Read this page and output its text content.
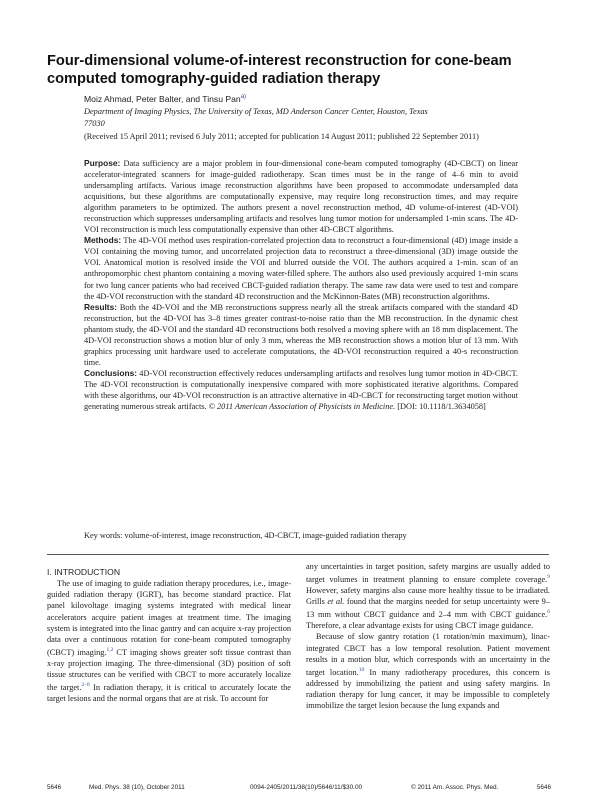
Four-dimensional volume-of-interest reconstruction for cone-beam computed tomography-guided radiation therapy
Moiz Ahmad, Peter Balter, and Tinsu Pan$^{a)}$
Department of Imaging Physics, The University of Texas, MD Anderson Cancer Center, Houston, Texas 77030
(Received 15 April 2011; revised 6 July 2011; accepted for publication 14 August 2011; published 22 September 2011)

Purpose: Data sufficiency are a major problem in four-dimensional cone-beam computed tomography (4D-CBCT) on linear accelerator-integrated scanners for image-guided radiotherapy. Scan times must be in the range of 4–6 min to avoid undersampling artifacts. Various image reconstruction algorithms have been proposed to accommodate undersampled data acquisitions, but these algorithms are computationally expensive, may require long reconstruction times, and may require algorithm parameters to be optimized. The authors present a novel reconstruction method, 4D volume-of-interest (4D-VOI) reconstruction which suppresses undersampling artifacts and resolves lung tumor motion for undersampled 1-min scans. The 4D-VOI reconstruction is much less computationally expensive than other 4D-CBCT algorithms.

Methods: The 4D-VOI method uses respiration-correlated projection data to reconstruct a four-dimensional (4D) image inside a VOI containing the moving tumor, and uncorrelated projection data to reconstruct a three-dimensional (3D) image outside the VOI. Anatomical motion is resolved inside the VOI and blurred outside the VOI. The authors acquired a 1-min. scan of an anthropomorphic chest phantom containing a moving water-filled sphere. The authors also used previously acquired 1-min scans for two lung cancer patients who had received CBCT-guided radiation therapy. The same raw data were used to test and compare the 4D-VOI reconstruction with the standard 4D reconstruction and the McKinnon-Bates (MB) reconstruction algorithms.

Results: Both the 4D-VOI and the MB reconstructions suppress nearly all the streak artifacts compared with the standard 4D reconstruction, but the 4D-VOI has 3–8 times greater contrast-to-noise ratio than the MB reconstruction. In the dynamic chest phantom study, the 4D-VOI and the standard 4D reconstructions both resolved a moving sphere with an 18 mm displacement. The 4D-VOI reconstruction shows a motion blur of only 3 mm, whereas the MB reconstruction shows a motion blur of 13 mm. With graphics processing unit hardware used to accelerate computations, the 4D-VOI reconstruction required a 40-s reconstruction time.

Conclusions: 4D-VOI reconstruction effectively reduces undersampling artifacts and resolves lung tumor motion in 4D-CBCT. The 4D-VOI reconstruction is computationally inexpensive compared with more sophisticated iterative algorithms. Compared with these algorithms, our 4D-VOI reconstruction is an attractive alternative in 4D-CBCT for reconstructing target motion without generating numerous streak artifacts. © 2011 American Association of Physicists in Medicine. [DOI: 10.1118/1.3634058]

Key words: volume-of-interest, image reconstruction, 4D-CBCT, image-guided radiation therapy

I. INTRODUCTION

The use of imaging to guide radiation therapy procedures, i.e., image-guided radiation therapy (IGRT), has become standard practice. Flat panel kilovoltage imaging systems integrated with medical linear accelerators acquire patient images at treatment time. The imaging system is integrated into the linac gantry and can acquire x-ray projection data over a continuous rotation for cone-beam computed tomography (CBCT) imaging.$^{1,2}$ CT imaging shows greater soft tissue contrast than x-ray projection imaging. The three-dimensional (3D) position of soft tissue structures can be verified with CBCT to more accurately localize the target.$^{2-8}$ In radiation therapy, it is critical to accurately locate the target lesions and the normal organs that are at risk. To account for

any uncertainties in target position, safety margins are usually added to target volumes in treatment planning to ensure complete coverage.$^9$ However, safety margins also cause more healthy tissue to be irradiated. Grills et al. found that the margins needed for setup uncertainty were 9–13 mm without CBCT guidance and 2–4 mm with CBCT guidance.$^6$ Therefore, a clear advantage exists for using CBCT image guidance.

Because of slow gantry rotation (1 rotation/min maximum), linac-integrated CBCT has a low temporal resolution. Patient movement results in a motion blur, which corresponds with an uncertainty in the target location.$^{10}$ In many radiotherapy procedures, this concern is addressed by immobilizing the patient and using safety margins. In radiation therapy for lung cancer, it may be impossible to completely immobilize the target lesion because the lung expands and

5646	Med. Phys. 38 (10), October 2011	0094-2405/2011/38(10)/5646/11/$30.00	© 2011 Am. Assoc. Phys. Med.	5646
